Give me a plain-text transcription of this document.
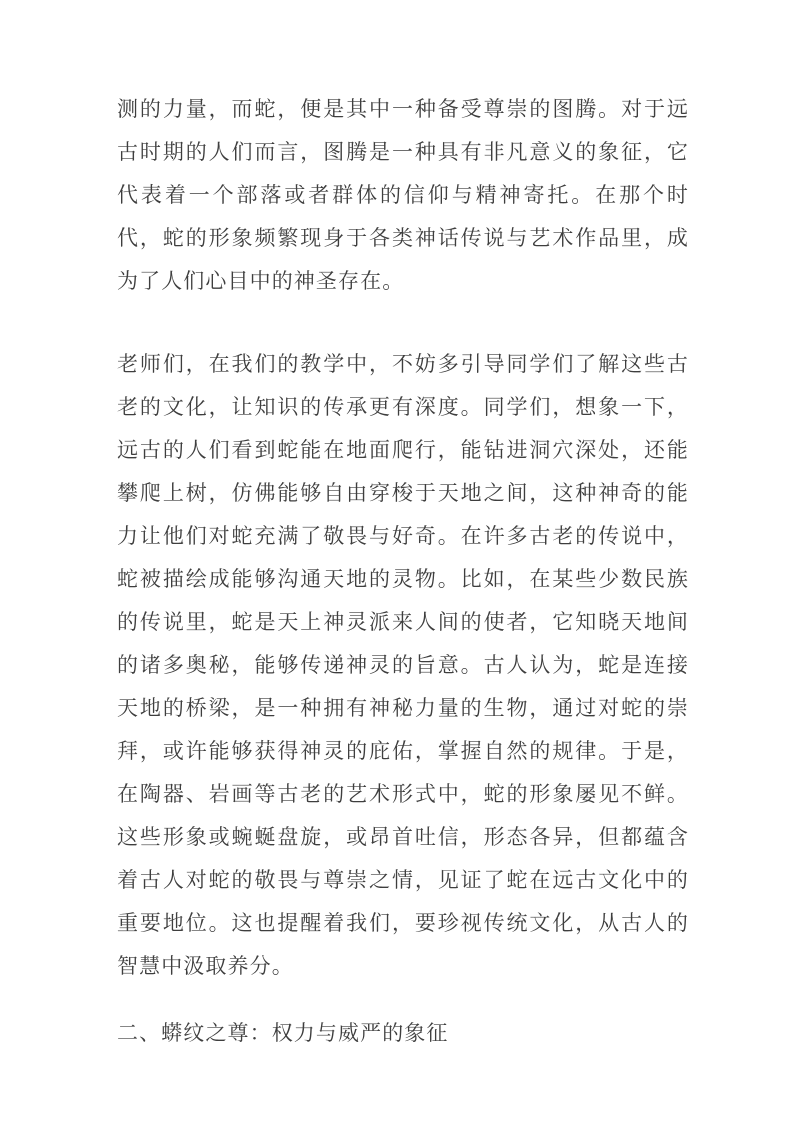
测的力量，而蛇，便是其中一种备受尊崇的图腾。对于远古时期的人们而言，图腾是一种具有非凡意义的象征，它代表着一个部落或者群体的信仰与精神寄托。在那个时代，蛇的形象频繁现身于各类神话传说与艺术作品里，成为了人们心目中的神圣存在。

老师们，在我们的教学中，不妨多引导同学们了解这些古老的文化，让知识的传承更有深度。同学们，想象一下，远古的人们看到蛇能在地面爬行，能钻进洞穴深处，还能攀爬上树，仿佛能够自由穿梭于天地之间，这种神奇的能力让他们对蛇充满了敬畏与好奇。在许多古老的传说中，蛇被描绘成能够沟通天地的灵物。比如，在某些少数民族的传说里，蛇是天上神灵派来人间的使者，它知晓天地间的诸多奥秘，能够传递神灵的旨意。古人认为，蛇是连接天地的桥梁，是一种拥有神秘力量的生物，通过对蛇的崇拜，或许能够获得神灵的庇佑，掌握自然的规律。于是，在陶器、岩画等古老的艺术形式中，蛇的形象屡见不鲜。这些形象或蜿蜒盘旋，或昂首吐信，形态各异，但都蕴含着古人对蛇的敬畏与尊崇之情，见证了蛇在远古文化中的重要地位。这也提醒着我们，要珍视传统文化，从古人的智慧中汲取养分。

二、蟒纹之尊：权力与威严的象征
